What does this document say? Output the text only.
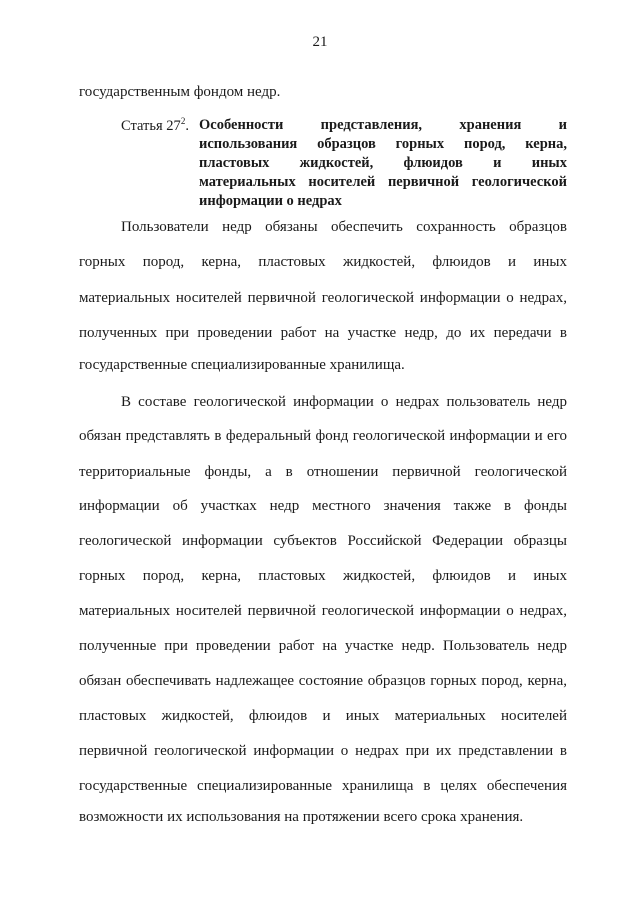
21
государственным фондом недр.
Статья $27^2$. Особенности представления, хранения и
использования образцов горных пород, керна,
пластовых жидкостей, флюидов и иных
материальных носителей первичной геологической
информации о недрах
Пользователи недр обязаны обеспечить сохранность образцов
горных пород, керна, пластовых жидкостей, флюидов и иных
материальных носителей первичной геологической информации о недрах,
полученных при проведении работ на участке недр, до их передачи в
государственные специализированные хранилища.
В составе геологической информации о недрах пользователь недр
обязан представлять в федеральный фонд геологической информации и его
территориальные фонды, а в отношении первичной геологической
информации об участках недр местного значения также в фонды
геологической информации субъектов Российской Федерации образцы
горных пород, керна, пластовых жидкостей, флюидов и иных
материальных носителей первичной геологической информации о недрах,
полученные при проведении работ на участке недр. Пользователь недр
обязан обеспечивать надлежащее состояние образцов горных пород, керна,
пластовых жидкостей, флюидов и иных материальных носителей
первичной геологической информации о недрах при их представлении в
государственные специализированные хранилища в целях обеспечения
возможности их использования на протяжении всего срока хранения.
